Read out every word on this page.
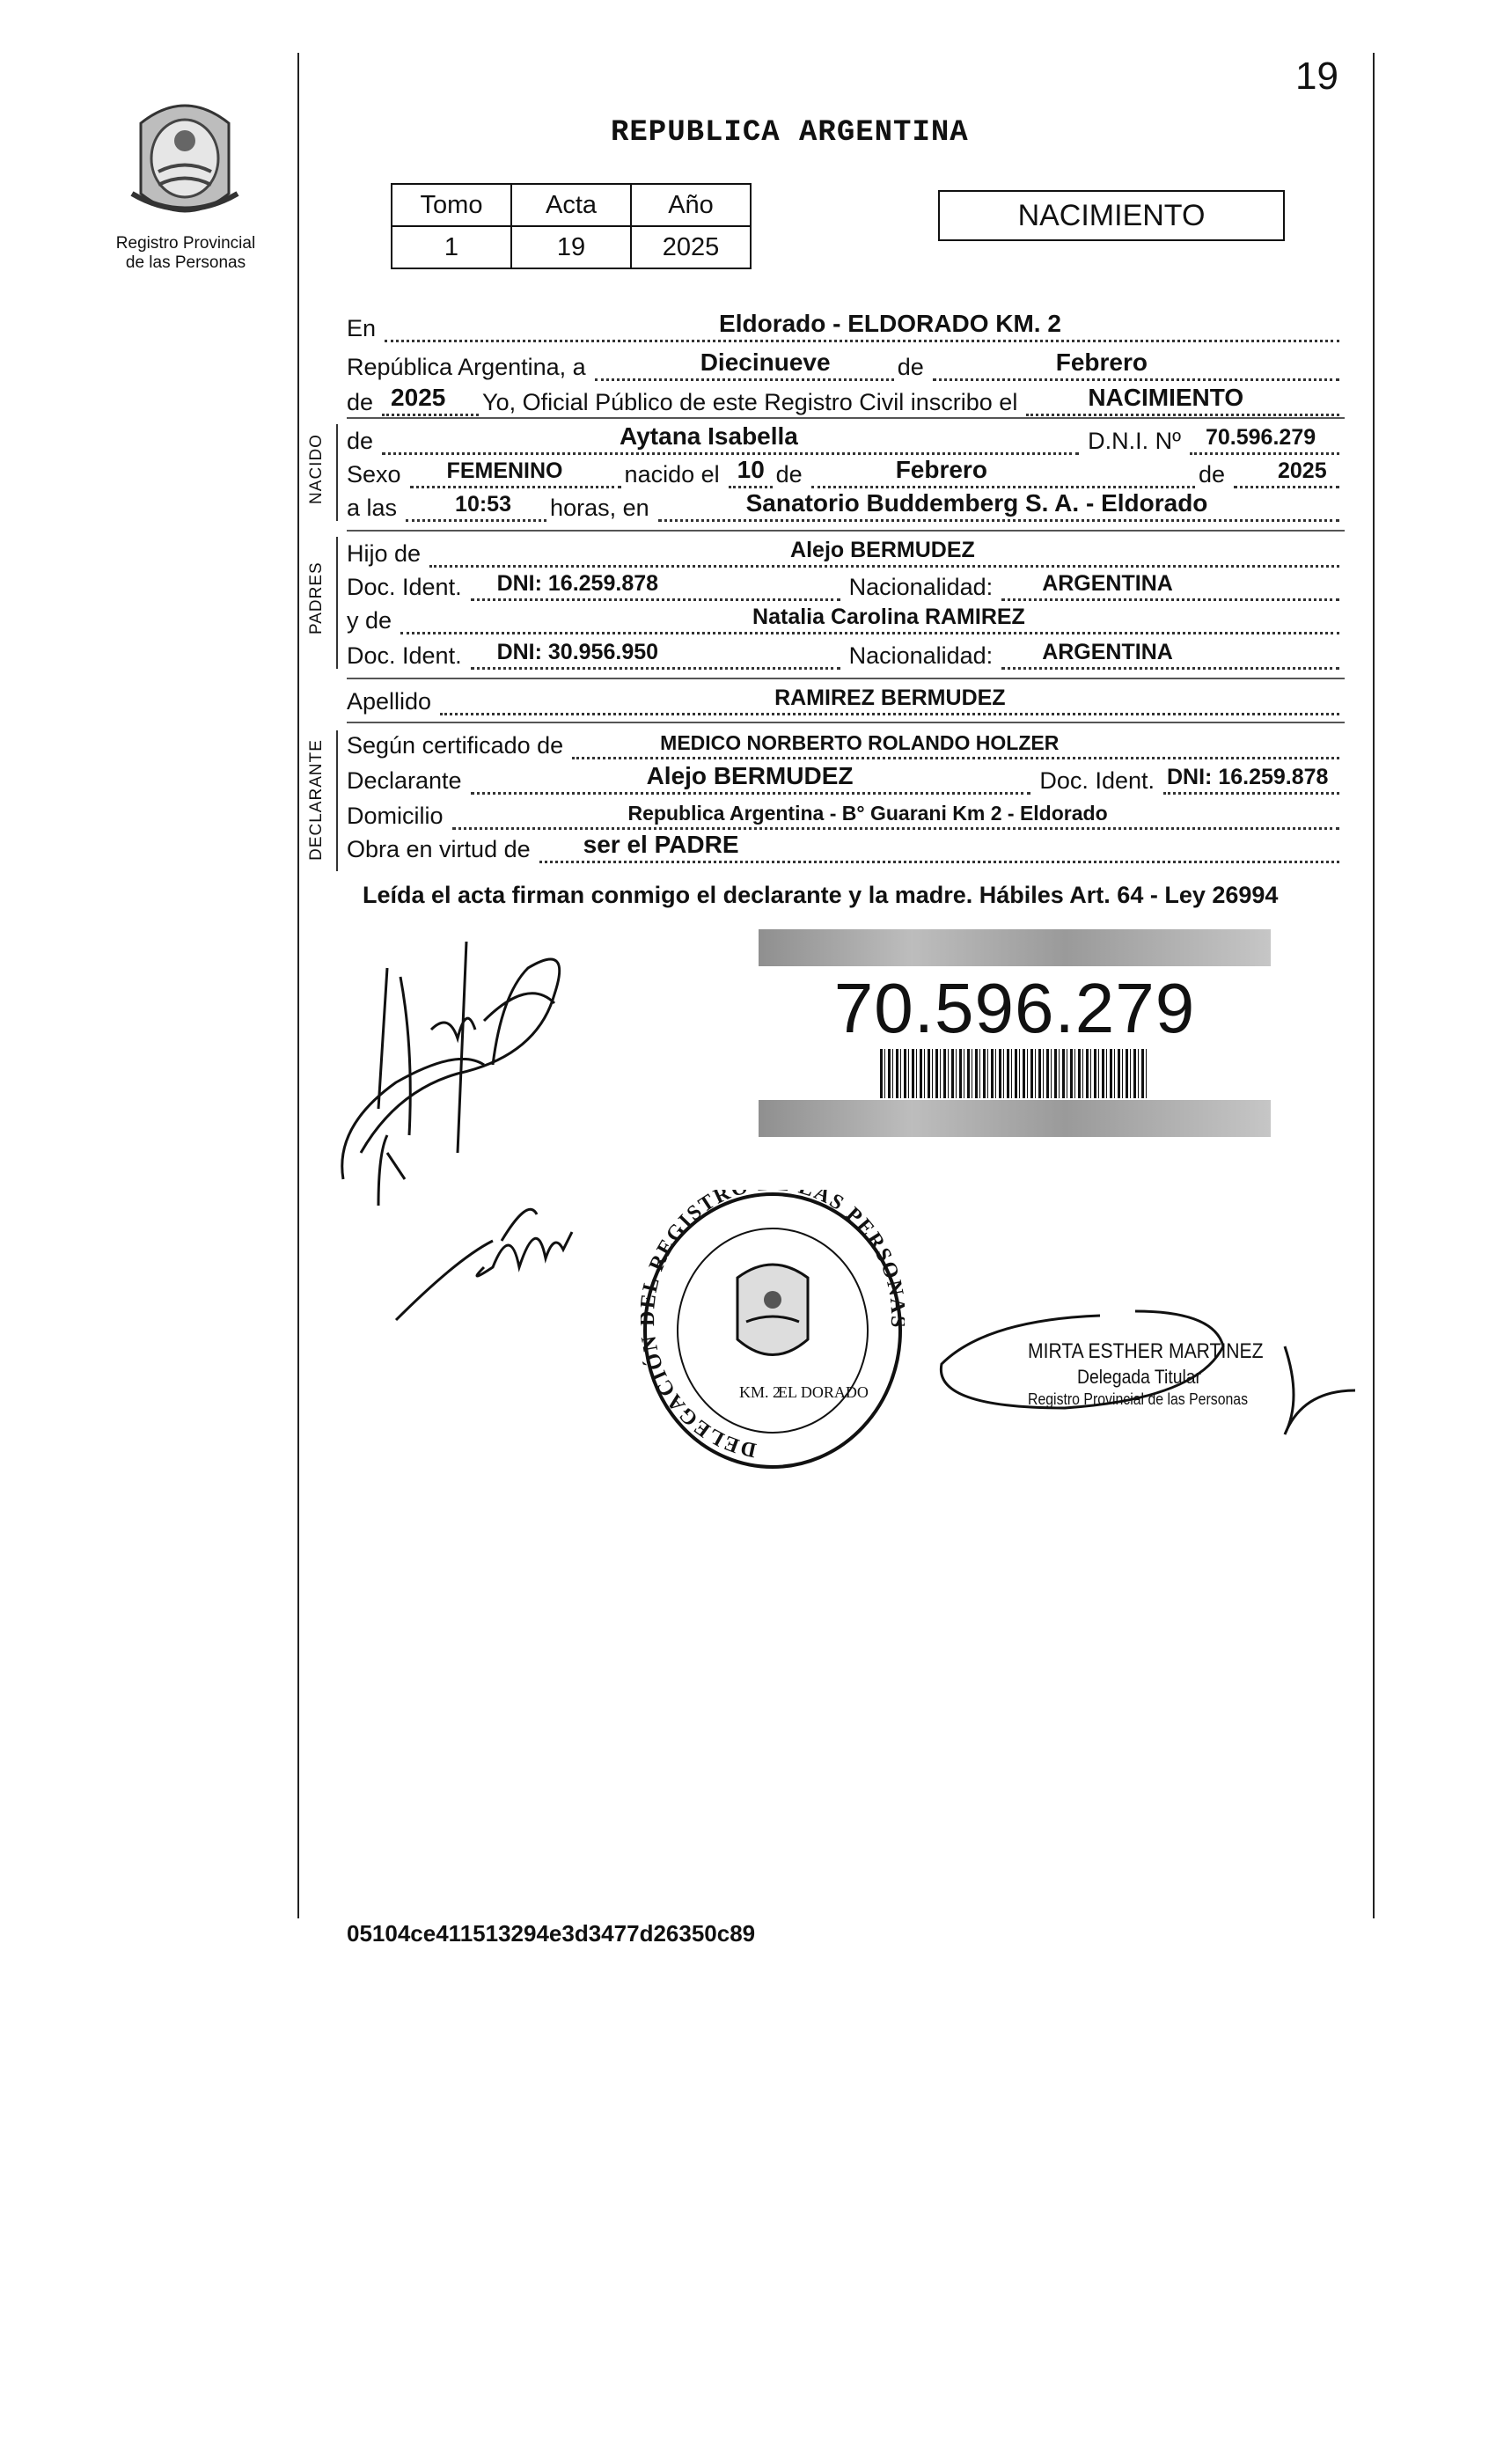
19
Registro Provincial
de las Personas
REPUBLICA ARGENTINA
Tomo	Acta	Año
1	19	2025
NACIMIENTO
En	Eldorado - ELDORADO KM. 2
República Argentina, a	Diecinueve	de	Febrero
de 2025 Yo, Oficial Público de este Registro Civil inscribo el	NACIMIENTO
NACIDO de	Aytana Isabella	D.N.I. Nº 70.596.279
Sexo FEMENINO	nacido el 10 de	Febrero	de 2025
a las	10:53 horas, en	Sanatorio Buddemberg S. A. - Eldorado
PADRES
Hijo de	Alejo BERMUDEZ
Doc. Ident. DNI: 16.259.878	Nacionalidad: ARGENTINA
y de	Natalia Carolina RAMIREZ
Doc. Ident. DNI: 30.956.950	Nacionalidad: ARGENTINA
Apellido	RAMIREZ BERMUDEZ
DECLARANTE Según certificado de	MEDICO NORBERTO ROLANDO HOLZER
Declarante	Alejo BERMUDEZ	Doc. Ident. DNI: 16.259.878
Domicilio	Republica Argentina - B° Guarani Km 2 - Eldorado
Obra en virtud de ser el PADRE
Leída el acta firman conmigo el declarante y la madre. Hábiles Art. 64 - Ley 26994
70.596.279
DELEGACIÓ L REGISTR AS PERSO
KM. 2
EL DORADO
MIRTA ESTHER MARTINEZ
Delegada Titular
Registro Provincial de las Personas
05104ce411513294e3d3477d26350c89
